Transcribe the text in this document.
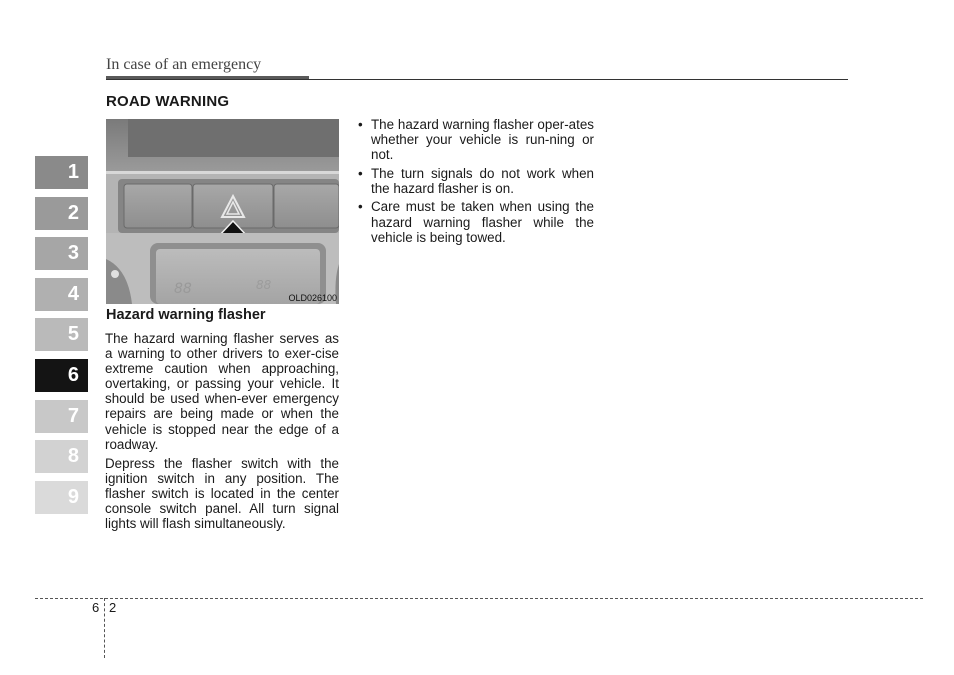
In case of an emergency
1
2
3
4
5
6
7
8
9
ROAD WARNING
88	88
OLD026100
Hazard warning flasher
The hazard warning flasher serves as a warning to other drivers to exer-cise extreme caution when approaching, overtaking, or passing your vehicle. It should be used when-ever emergency repairs are being made or when the vehicle is stopped near the edge of a roadway.
Depress the flasher switch with the ignition switch in any position. The flasher switch is located in the center console switch panel. All turn signal lights will flash simultaneously.
• The hazard warning flasher oper-ates whether your vehicle is run-ning or not.
• The turn signals do not work when the hazard flasher is on.
• Care must be taken when using the hazard warning flasher while the vehicle is being towed.
6 2
